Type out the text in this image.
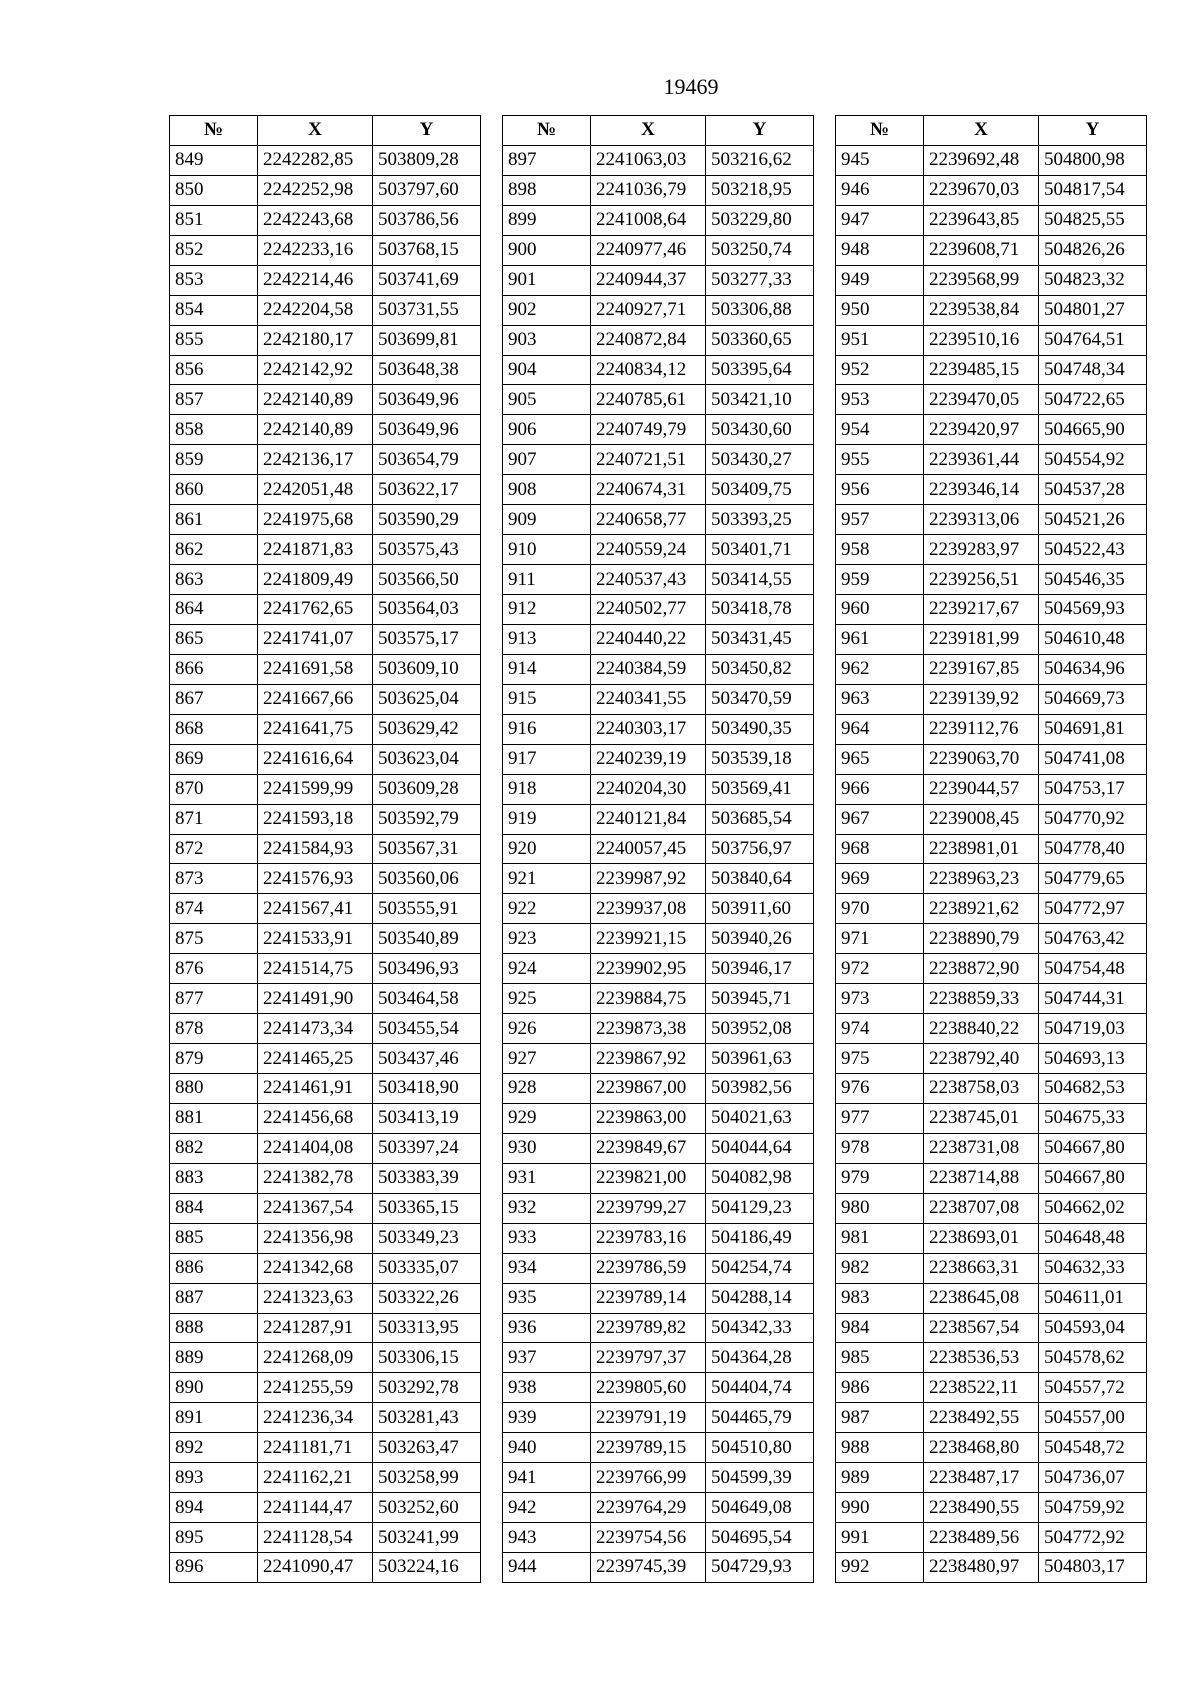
19469
№	X	Y
849	2242282,85	503809,28
850	2242252,98	503797,60
851	2242243,68	503786,56
852	2242233,16	503768,15
853	2242214,46	503741,69
854	2242204,58	503731,55
855	2242180,17	503699,81
856	2242142,92	503648,38
857	2242140,89	503649,96
858	2242140,89	503649,96
859	2242136,17	503654,79
860	2242051,48	503622,17
861	2241975,68	503590,29
862	2241871,83	503575,43
863	2241809,49	503566,50
864	2241762,65	503564,03
865	2241741,07	503575,17
866	2241691,58	503609,10
867	2241667,66	503625,04
868	2241641,75	503629,42
869	2241616,64	503623,04
870	2241599,99	503609,28
871	2241593,18	503592,79
872	2241584,93	503567,31
873	2241576,93	503560,06
874	2241567,41	503555,91
875	2241533,91	503540,89
876	2241514,75	503496,93
877	2241491,90	503464,58
878	2241473,34	503455,54
879	2241465,25	503437,46
880	2241461,91	503418,90
881	2241456,68	503413,19
882	2241404,08	503397,24
883	2241382,78	503383,39
884	2241367,54	503365,15
885	2241356,98	503349,23
886	2241342,68	503335,07
887	2241323,63	503322,26
888	2241287,91	503313,95
889	2241268,09	503306,15
890	2241255,59	503292,78
891	2241236,34	503281,43
892	2241181,71	503263,47
893	2241162,21	503258,99
894	2241144,47	503252,60
895	2241128,54	503241,99
896	2241090,47	503224,16
№	X	Y
897	2241063,03	503216,62
898	2241036,79	503218,95
899	2241008,64	503229,80
900	2240977,46	503250,74
901	2240944,37	503277,33
902	2240927,71	503306,88
903	2240872,84	503360,65
904	2240834,12	503395,64
905	2240785,61	503421,10
906	2240749,79	503430,60
907	2240721,51	503430,27
908	2240674,31	503409,75
909	2240658,77	503393,25
910	2240559,24	503401,71
911	2240537,43	503414,55
912	2240502,77	503418,78
913	2240440,22	503431,45
914	2240384,59	503450,82
915	2240341,55	503470,59
916	2240303,17	503490,35
917	2240239,19	503539,18
918	2240204,30	503569,41
919	2240121,84	503685,54
920	2240057,45	503756,97
921	2239987,92	503840,64
922	2239937,08	503911,60
923	2239921,15	503940,26
924	2239902,95	503946,17
925	2239884,75	503945,71
926	2239873,38	503952,08
927	2239867,92	503961,63
928	2239867,00	503982,56
929	2239863,00	504021,63
930	2239849,67	504044,64
931	2239821,00	504082,98
932	2239799,27	504129,23
933	2239783,16	504186,49
934	2239786,59	504254,74
935	2239789,14	504288,14
936	2239789,82	504342,33
937	2239797,37	504364,28
938	2239805,60	504404,74
939	2239791,19	504465,79
940	2239789,15	504510,80
941	2239766,99	504599,39
942	2239764,29	504649,08
943	2239754,56	504695,54
944	2239745,39	504729,93
№	X	Y
945	2239692,48	504800,98
946	2239670,03	504817,54
947	2239643,85	504825,55
948	2239608,71	504826,26
949	2239568,99	504823,32
950	2239538,84	504801,27
951	2239510,16	504764,51
952	2239485,15	504748,34
953	2239470,05	504722,65
954	2239420,97	504665,90
955	2239361,44	504554,92
956	2239346,14	504537,28
957	2239313,06	504521,26
958	2239283,97	504522,43
959	2239256,51	504546,35
960	2239217,67	504569,93
961	2239181,99	504610,48
962	2239167,85	504634,96
963	2239139,92	504669,73
964	2239112,76	504691,81
965	2239063,70	504741,08
966	2239044,57	504753,17
967	2239008,45	504770,92
968	2238981,01	504778,40
969	2238963,23	504779,65
970	2238921,62	504772,97
971	2238890,79	504763,42
972	2238872,90	504754,48
973	2238859,33	504744,31
974	2238840,22	504719,03
975	2238792,40	504693,13
976	2238758,03	504682,53
977	2238745,01	504675,33
978	2238731,08	504667,80
979	2238714,88	504667,80
980	2238707,08	504662,02
981	2238693,01	504648,48
982	2238663,31	504632,33
983	2238645,08	504611,01
984	2238567,54	504593,04
985	2238536,53	504578,62
986	2238522,11	504557,72
987	2238492,55	504557,00
988	2238468,80	504548,72
989	2238487,17	504736,07
990	2238490,55	504759,92
991	2238489,56	504772,92
992	2238480,97	504803,17
